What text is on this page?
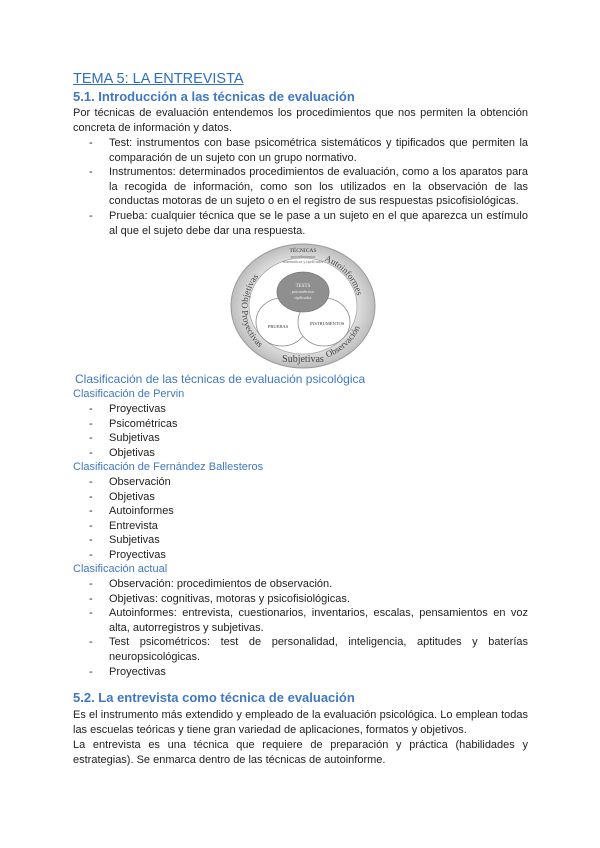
TEMA 5: LA ENTREVISTA
5.1. Introducción a las técnicas de evaluación
Por técnicas de evaluación entendemos los procedimientos que nos permiten la obtención concreta de información y datos.
- Test: instrumentos con base psicométrica sistemáticos y tipificados que permiten la comparación de un sujeto con un grupo normativo.
- Instrumentos: determinados procedimientos de evaluación, como a los aparatos para la recogida de información, como son los utilizados en la observación de las conductas motoras de un sujeto o en el registro de sus respuestas psicofisiológicas.
- Prueba: cualquier técnica que se le pase a un sujeto en el que aparezca un estímulo al que el sujeto debe dar una respuesta.
Objetivas
Autoinformes
Proyectivas
Observación
Subjetivas
TÉCNICAS
procedimientos
sistemáticos y tipificados
TESTS
psicométricos
tipificados
PRUEBAS
INSTRUMENTOS
Clasificación de las técnicas de evaluación psicológica
Clasificación de Pervin
- Proyectivas
- Psicométricas
- Subjetivas
- Objetivas
Clasificación de Fernández Ballesteros
- Observación
- Objetivas
- Autoinformes
- Entrevista
- Subjetivas
- Proyectivas
Clasificación actual
- Observación: procedimientos de observación.
- Objetivas: cognitivas, motoras y psicofisiológicas.
- Autoinformes: entrevista, cuestionarios, inventarios, escalas, pensamientos en voz alta, autorregistros y subjetivas.
- Test psicométricos: test de personalidad, inteligencia, aptitudes y baterías neuropsicológicas.
- Proyectivas
5.2. La entrevista como técnica de evaluación
Es el instrumento más extendido y empleado de la evaluación psicológica. Lo emplean todas las escuelas teóricas y tiene gran variedad de aplicaciones, formatos y objetivos.
La entrevista es una técnica que requiere de preparación y práctica (habilidades y estrategias). Se enmarca dentro de las técnicas de autoinforme.
